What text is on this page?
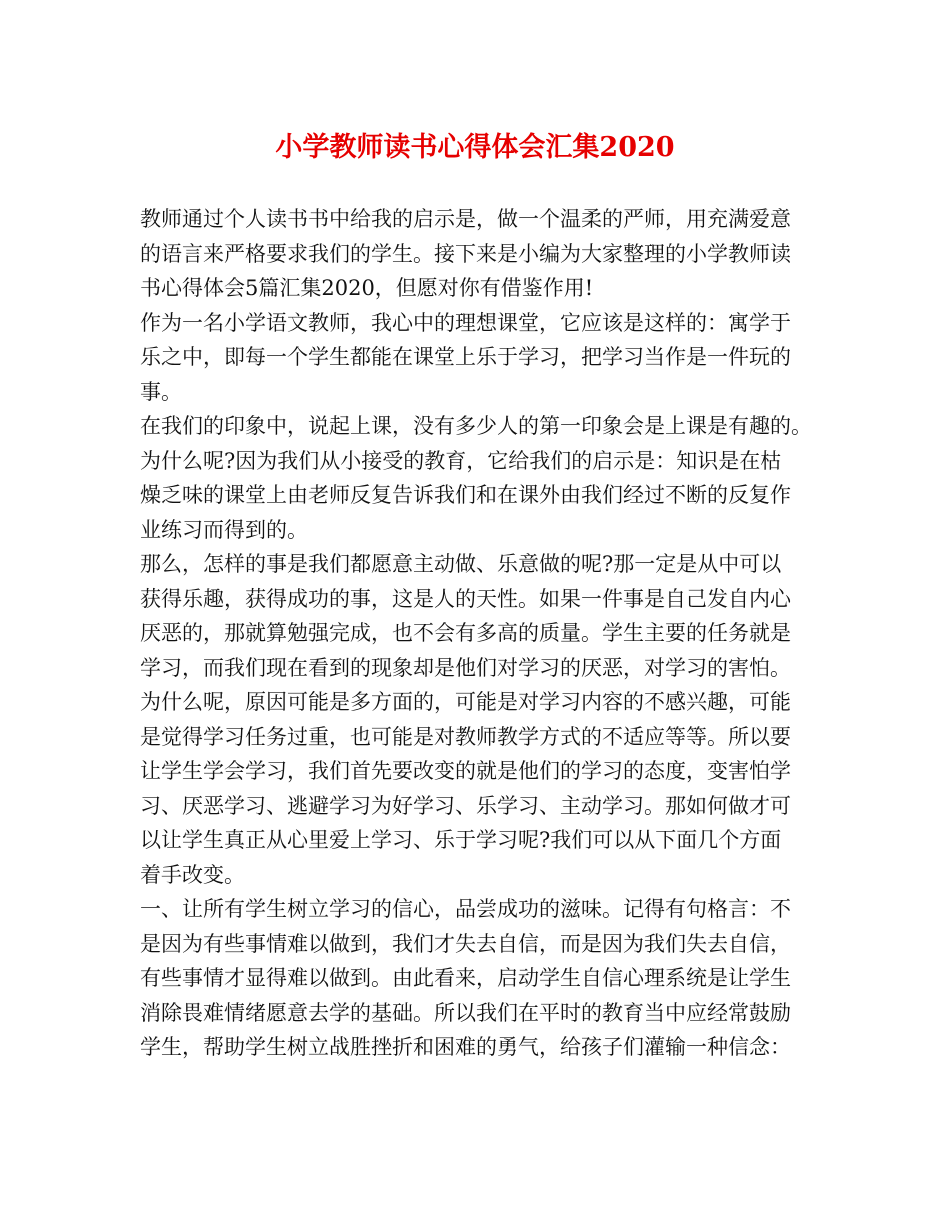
小学教师读书心得体会汇集2020
教师通过个人读书书中给我的启示是，做一个温柔的严师，用充满爱意
的语言来严格要求我们的学生。接下来是小编为大家整理的小学教师读
书心得体会5篇汇集2020，但愿对你有借鉴作用!
作为一名小学语文教师，我心中的理想课堂，它应该是这样的：寓学于
乐之中，即每一个学生都能在课堂上乐于学习，把学习当作是一件玩的
事。
在我们的印象中，说起上课，没有多少人的第一印象会是上课是有趣的。
为什么呢?因为我们从小接受的教育，它给我们的启示是：知识是在枯
燥乏味的课堂上由老师反复告诉我们和在课外由我们经过不断的反复作
业练习而得到的。
那么，怎样的事是我们都愿意主动做、乐意做的呢?那一定是从中可以
获得乐趣，获得成功的事，这是人的天性。如果一件事是自己发自内心
厌恶的，那就算勉强完成，也不会有多高的质量。学生主要的任务就是
学习，而我们现在看到的现象却是他们对学习的厌恶，对学习的害怕。
为什么呢，原因可能是多方面的，可能是对学习内容的不感兴趣，可能
是觉得学习任务过重，也可能是对教师教学方式的不适应等等。所以要
让学生学会学习，我们首先要改变的就是他们的学习的态度，变害怕学
习、厌恶学习、逃避学习为好学习、乐学习、主动学习。那如何做才可
以让学生真正从心里爱上学习、乐于学习呢?我们可以从下面几个方面
着手改变。
一、让所有学生树立学习的信心，品尝成功的滋味。记得有句格言：不
是因为有些事情难以做到，我们才失去自信，而是因为我们失去自信，
有些事情才显得难以做到。由此看来，启动学生自信心理系统是让学生
消除畏难情绪愿意去学的基础。所以我们在平时的教育当中应经常鼓励
学生，帮助学生树立战胜挫折和困难的勇气，给孩子们灌输一种信念：
